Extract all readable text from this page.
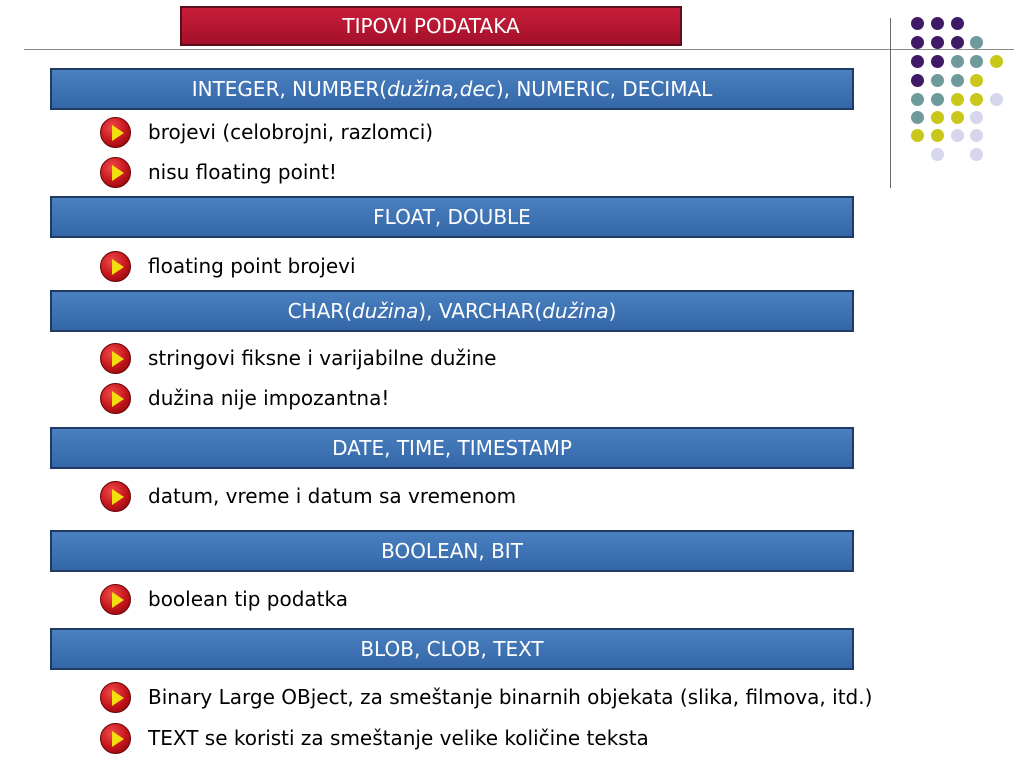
TIPOVI PODATAKA
INTEGER, NUMBER(dužina,dec), NUMERIC, DECIMAL
brojevi (celobrojni, razlomci)
nisu floating point!
FLOAT, DOUBLE
floating point brojevi
CHAR(dužina), VARCHAR(dužina)
stringovi fiksne i varijabilne dužine
dužina nije impozantna!
DATE, TIME, TIMESTAMP
datum, vreme i datum sa vremenom
BOOLEAN, BIT
boolean tip podatka
BLOB, CLOB, TEXT
Binary Large OBject, za smeštanje binarnih objekata (slika, filmova, itd.)
TEXT se koristi za smeštanje velike količine teksta
